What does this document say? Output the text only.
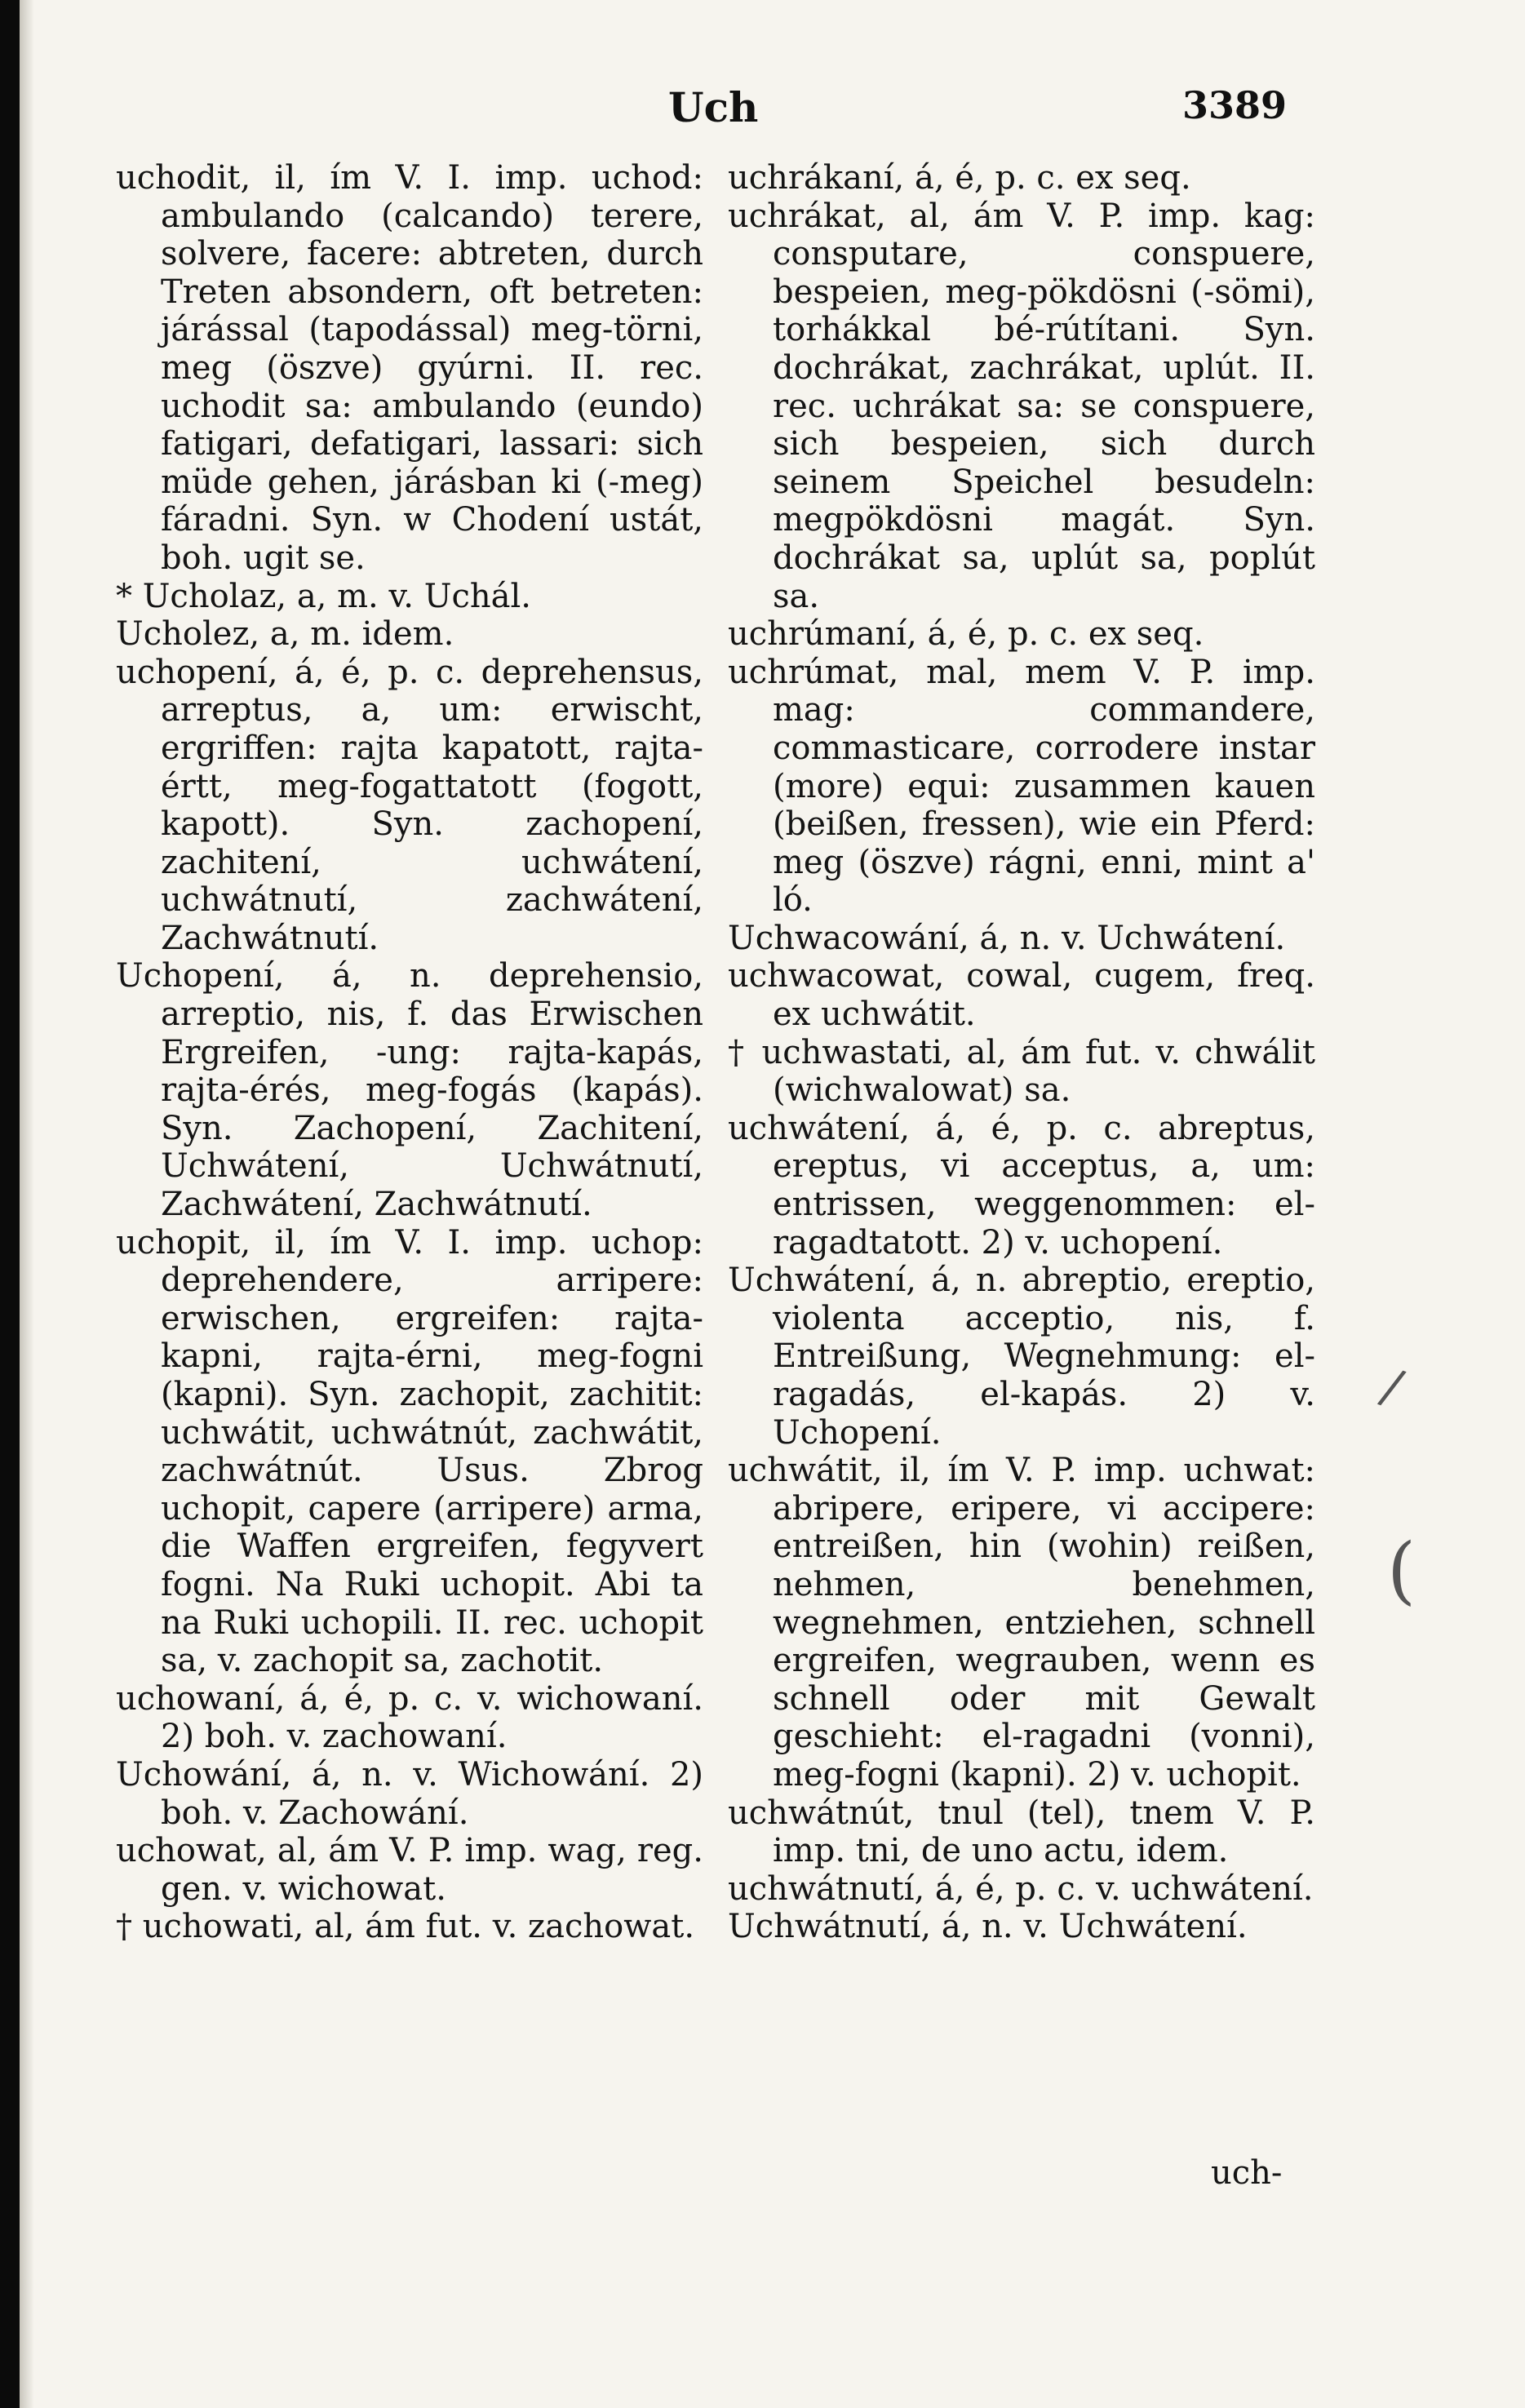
Uch	3389

uchodit, il, ím V. I. imp. uchod: ambulando (calcando) terere, solvere, facere: abtreten, durch Treten absondern, oft betreten: járással (tapodással) meg-törni, meg (öszve) gyúrni. II. rec. uchodit sa: ambulando (eundo) fatigari, defatigari, lassari: sich müde gehen, járásban ki (-meg) fáradni. Syn. w Chodení ustát, boh. ugit se.

* Ucholaz, a, m. v. Uchál.

Ucholez, a, m. idem.

uchopení, á, é, p. c. deprehensus, arreptus, a, um: erwischt, ergriffen: rajta kapatott, rajta-értt, meg-fogattatott (fogott, kapott). Syn. zachopení, zachitení, uchwátení, uchwátnutí, zachwátení, Zachwátnutí.

Uchopení, á, n. deprehensio, arreptio, nis, f. das Erwischen Ergreifen, -ung: rajta-kapás, rajta-érés, meg-fogás (kapás). Syn. Zachopení, Zachitení, Uchwátení, Uchwátnutí, Zachwátení, Zachwátnutí.

uchopit, il, ím V. I. imp. uchop: deprehendere, arripere: erwischen, ergreifen: rajta-kapni, rajta-érni, meg-fogni (kapni). Syn. zachopit, zachitit: uchwátit, uchwátnút, zachwátit, zachwátnút. Usus. Zbrog uchopit, capere (arripere) arma, die Waffen ergreifen, fegyvert fogni. Na Ruki uchopit. Abi ta na Ruki uchopili. II. rec. uchopit sa, v. zachopit sa, zachotit.

uchowaní, á, é, p. c. v. wichowaní. 2) boh. v. zachowaní.

Uchowání, á, n. v. Wichowání. 2) boh. v. Zachowání.

uchowat, al, ám V. P. imp. wag, reg. gen. v. wichowat.

† uchowati, al, ám fut. v. zachowat.

uchrákaní, á, é, p. c. ex seq.

uchrákat, al, ám V. P. imp. kag: consputare, conspuere, bespeien, meg-pökdösni (-sömi), torhákkal bé-rútítani. Syn. dochrákat, zachrákat, uplút. II. rec. uchrákat sa: se conspuere, sich bespeien, sich durch seinem Speichel besudeln: megpökdösni magát. Syn. dochrákat sa, uplút sa, poplút sa.

uchrúmaní, á, é, p. c. ex seq.

uchrúmat, mal, mem V. P. imp. mag: commandere, commasticare, corrodere instar (more) equi: zusammen kauen (beißen, fressen), wie ein Pferd: meg (öszve) rágni, enni, mint a' ló.

Uchwacowání, á, n. v. Uchwátení.

uchwacowat, cowal, cugem, freq. ex uchwátit.

† uchwastati, al, ám fut. v. chwálit (wichwalowat) sa.

uchwátení, á, é, p. c. abreptus, ereptus, vi acceptus, a, um: entrissen, weggenommen: el-ragadtatott. 2) v. uchopení.

Uchwátení, á, n. abreptio, ereptio, violenta acceptio, nis, f. Entreißung, Wegnehmung: el-ragadás, el-kapás. 2) v. Uchopení.

uchwátit, il, ím V. P. imp. uchwat: abripere, eripere, vi accipere: entreißen, hin (wohin) reißen, nehmen, benehmen, wegnehmen, entziehen, schnell ergreifen, wegrauben, wenn es schnell oder mit Gewalt geschieht: el-ragadni (vonni), meg-fogni (kapni). 2) v. uchopit.

uchwátnút, tnul (tel), tnem V. P. imp. tni, de uno actu, idem.

uchwátnutí, á, é, p. c. v. uchwátení.

Uchwátnutí, á, n. v. Uchwátení.

uch-
/
(
